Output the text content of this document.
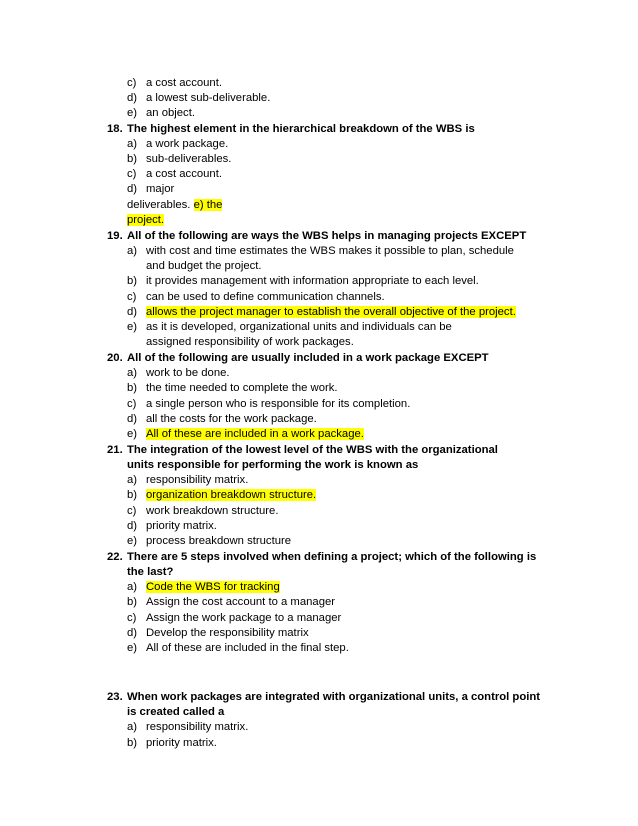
c) a cost account.
d) a lowest sub-deliverable.
e) an object.
18. The highest element in the hierarchical breakdown of the WBS is
a) a work package.
b) sub-deliverables.
c) a cost account.
d) major
deliverables. e) the
project.
19. All of the following are ways the WBS helps in managing projects EXCEPT
a) with cost and time estimates the WBS makes it possible to plan, schedule
and budget the project.
b) it provides management with information appropriate to each level.
c) can be used to define communication channels.
d) allows the project manager to establish the overall objective of the project.
e) as it is developed, organizational units and individuals can be
assigned responsibility of work packages.
20. All of the following are usually included in a work package EXCEPT
a) work to be done.
b) the time needed to complete the work.
c) a single person who is responsible for its completion.
d) all the costs for the work package.
e) All of these are included in a work package.
21. The integration of the lowest level of the WBS with the organizational
units responsible for performing the work is known as
a) responsibility matrix.
b) organization breakdown structure.
c) work breakdown structure.
d) priority matrix.
e) process breakdown structure
22. There are 5 steps involved when defining a project; which of the following is
the last?
a) Code the WBS for tracking
b) Assign the cost account to a manager
c) Assign the work package to a manager
d) Develop the responsibility matrix
e) All of these are included in the final step.
23. When work packages are integrated with organizational units, a control point
is created called a
a) responsibility matrix.
b) priority matrix.
